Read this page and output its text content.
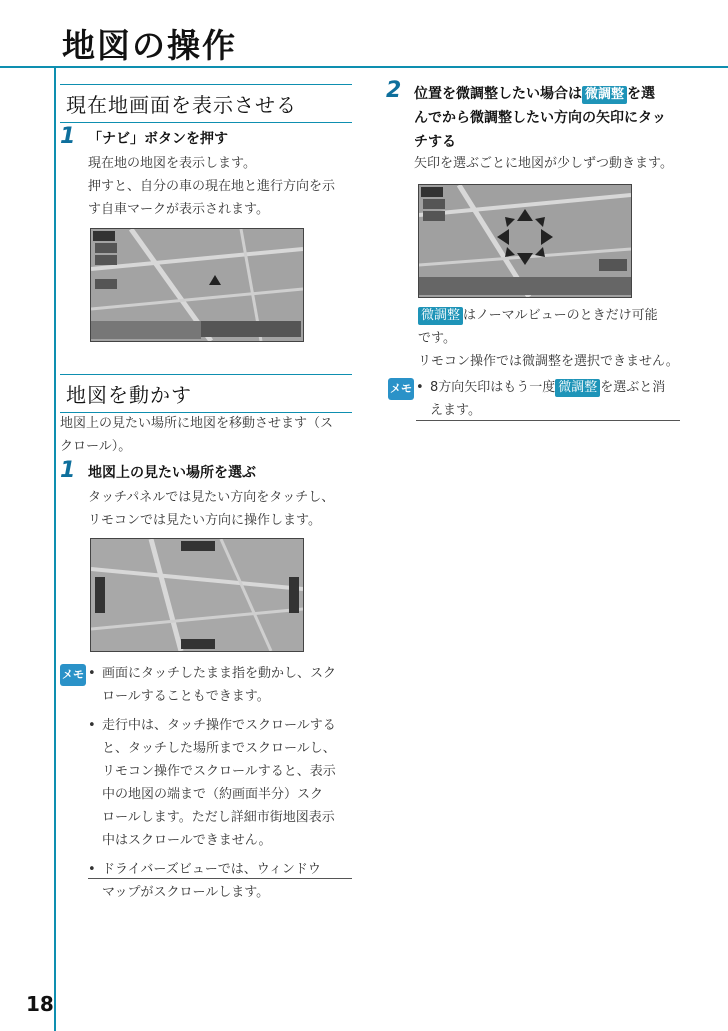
地図の操作
現在地画面を表示させる
1 「ナビ」ボタンを押す
現在地の地図を表示します。
押すと、自分の車の現在地と進行方向を示
す自車マークが表示されます。
地図を動かす
地図上の見たい場所に地図を移動させます（ス
クロール）。
1 地図上の見たい場所を選ぶ
タッチパネルでは見たい方向をタッチし、
リモコンでは見たい方向に操作します。
メモ • 画面にタッチしたまま指を動かし、スク
ロールすることもできます。
• 走行中は、タッチ操作でスクロールする
と、タッチした場所までスクロールし、
リモコン操作でスクロールすると、表示
中の地図の端まで（約画面半分）スク
ロールします。ただし詳細市街地図表示
中はスクロールできません。
• ドライバーズビューでは、ウィンドウ
マップがスクロールします。
2 位置を微調整したい場合は 微調整 を選
んでから微調整したい方向の矢印にタッ
チする
矢印を選ぶごとに地図が少しずつ動きます。
微調整 はノーマルビューのときだけ可能
です。
リモコン操作では微調整を選択できません。
メモ • 8方向矢印はもう一度 微調整 を選ぶと消
えます。
18
